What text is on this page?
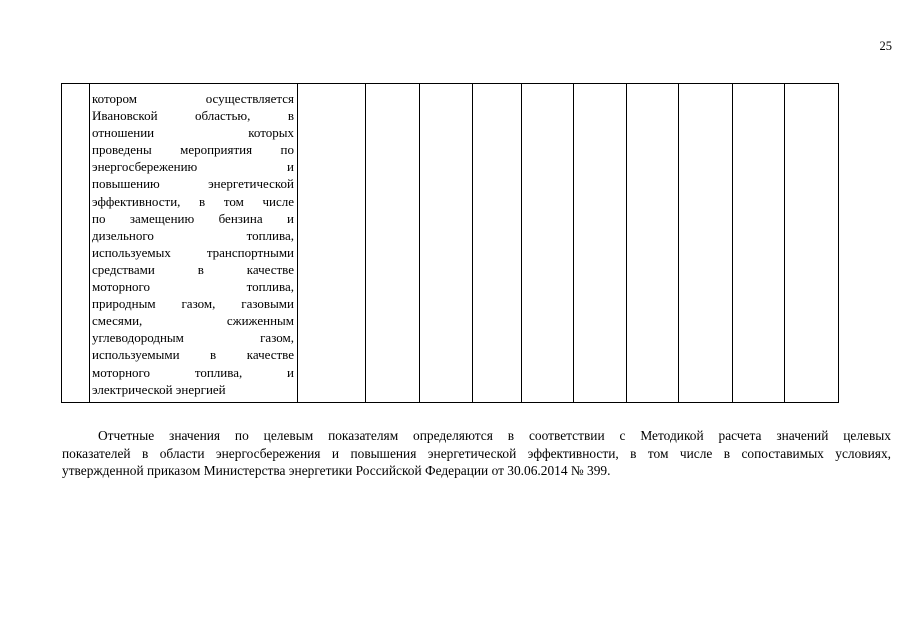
25

котором осуществляется
Ивановской областью, в
отношении которых
проведены мероприятия по
энергосбережению и
повышению энергетической
эффективности, в том числе
по замещению бензина и
дизельного топлива,
используемых транспортными
средствами в качестве
моторного топлива,
природным газом, газовыми
смесями, сжиженным
углеводородным газом,
используемыми в качестве
моторного топлива, и
электрической энергией

Отчетные значения по целевым показателям определяются в соответствии с Методикой расчета значений целевых
показателей в области энергосбережения и повышения энергетической эффективности, в том числе в сопоставимых условиях,
утвержденной приказом Министерства энергетики Российской Федерации от 30.06.2014 № 399.
